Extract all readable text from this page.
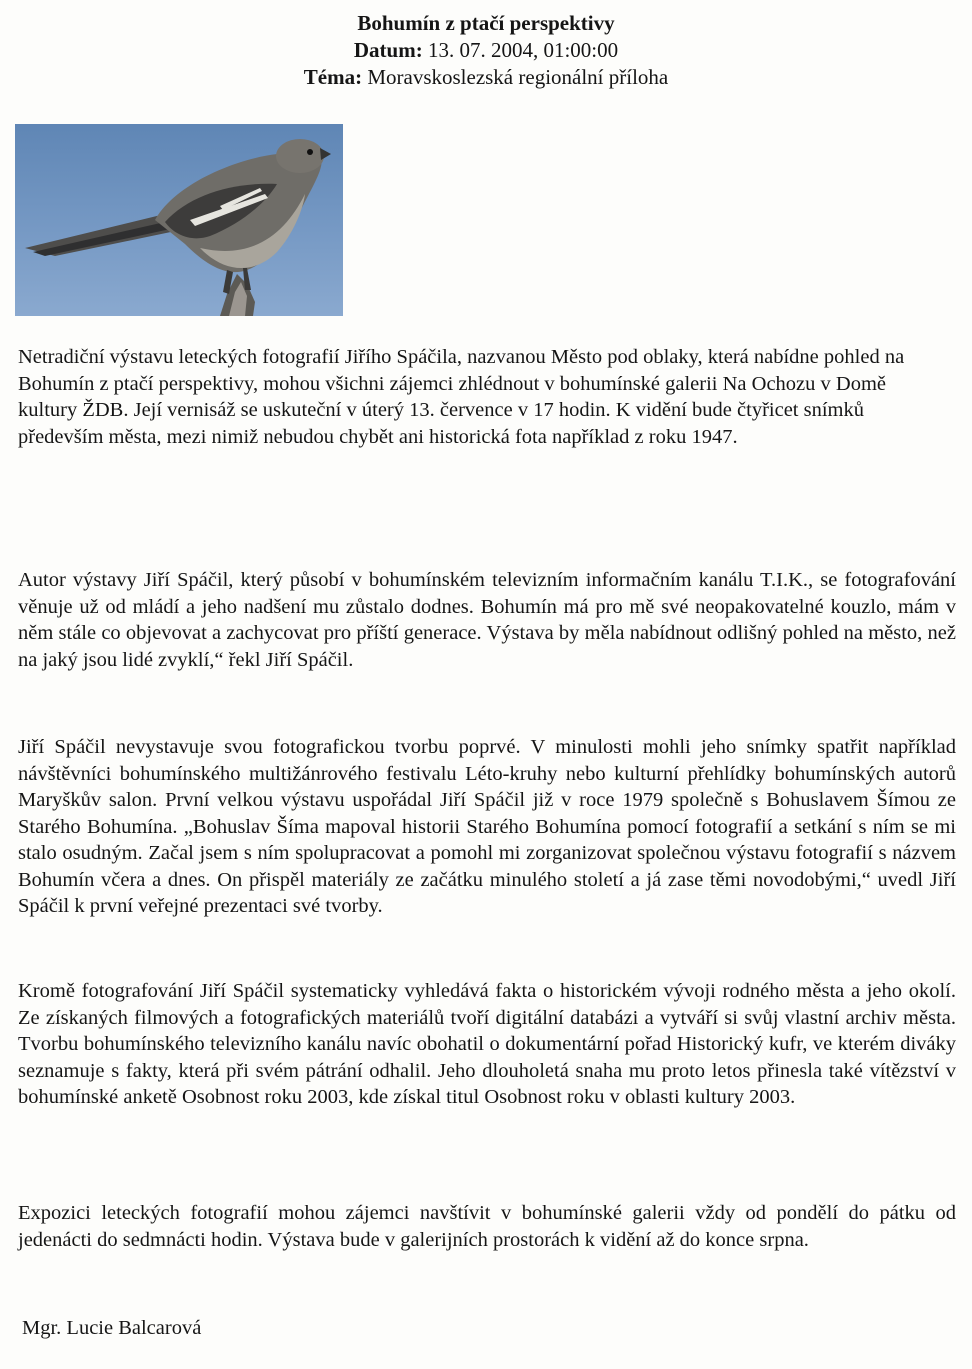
Bohumín z ptačí perspektivy
Datum: 13. 07. 2004, 01:00:00
Téma: Moravskoslezská regionální příloha
Netradiční výstavu leteckých fotografií Jiřího Spáčila, nazvanou Město pod oblaky, která nabídne pohled na Bohumín z ptačí perspektivy, mohou všichni zájemci zhlédnout v bohumínské galerii Na Ochozu v Domě kultury ŽDB. Její vernisáž se uskuteční v úterý 13. července v 17 hodin. K vidění bude čtyřicet snímků především města, mezi nimiž nebudou chybět ani historická fota například z roku 1947.
Autor výstavy Jiří Spáčil, který působí v bohumínském televizním informačním kanálu T.I.K., se fotografování věnuje už od mládí a jeho nadšení mu zůstalo dodnes. Bohumín má pro mě své neopakovatelné kouzlo, mám v něm stále co objevovat a zachycovat pro příští generace. Výstava by měla nabídnout odlišný pohled na město, než na jaký jsou lidé zvyklí,“ řekl Jiří Spáčil.
Jiří Spáčil nevystavuje svou fotografickou tvorbu poprvé. V minulosti mohli jeho snímky spatřit například návštěvníci bohumínského multižánrového festivalu Léto-kruhy nebo kulturní přehlídky bohumínských autorů Maryškův salon. První velkou výstavu uspořádal Jiří Spáčil již v roce 1979 společně s Bohuslavem Šímou ze Starého Bohumína. „Bohuslav Šíma mapoval historii Starého Bohumína pomocí fotografií a setkání s ním se mi stalo osudným. Začal jsem s ním spolupracovat a pomohl mi zorganizovat společnou výstavu fotografií s názvem Bohumín včera a dnes. On přispěl materiály ze začátku minulého století a já zase těmi novodobými,“ uvedl Jiří Spáčil k první veřejné prezentaci své tvorby.
Kromě fotografování Jiří Spáčil systematicky vyhledává fakta o historickém vývoji rodného města a jeho okolí. Ze získaných filmových a fotografických materiálů tvoří digitální databázi a vytváří si svůj vlastní archiv města. Tvorbu bohumínského televizního kanálu navíc obohatil o dokumentární pořad Historický kufr, ve kterém diváky seznamuje s fakty, která při svém pátrání odhalil. Jeho dlouholetá snaha mu proto letos přinesla také vítězství v bohumínské anketě Osobnost roku 2003, kde získal titul Osobnost roku v oblasti kultury 2003.
Expozici leteckých fotografií mohou zájemci navštívit v bohumínské galerii vždy od pondělí do pátku od jedenácti do sedmnácti hodin. Výstava bude v galerijních prostorách k vidění až do konce srpna.
Mgr. Lucie Balcarová
